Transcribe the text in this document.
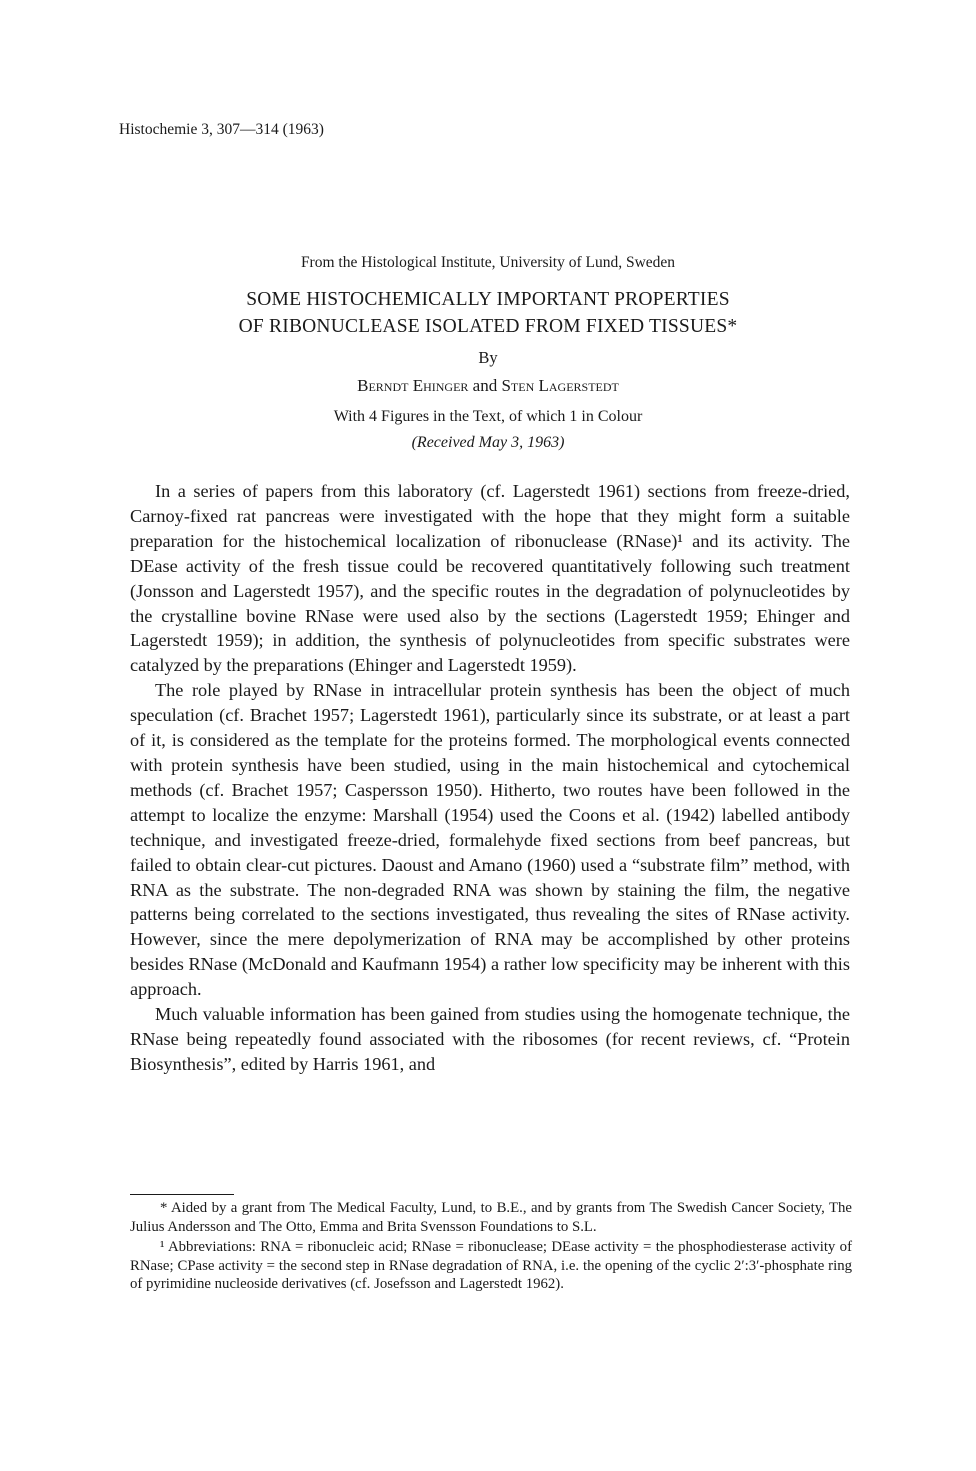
Histochemie 3, 307—314 (1963)

From the Histological Institute, University of Lund, Sweden
SOME HISTOCHEMICALLY IMPORTANT PROPERTIES
OF RIBONUCLEASE ISOLATED FROM FIXED TISSUES*
By
Berndt Ehinger and Sten Lagerstedt
With 4 Figures in the Text, of which 1 in Colour
(Received May 3, 1963)

In a series of papers from this laboratory (cf. Lagerstedt 1961) sections from freeze-dried, Carnoy-fixed rat pancreas were investigated with the hope that they might form a suitable preparation for the histochemical localization of ribonuclease (RNase)¹ and its activity. The DEase activity of the fresh tissue could be recovered quantitatively following such treatment (Jonsson and Lagerstedt 1957), and the specific routes in the degradation of polynucleotides by the crystalline bovine RNase were used also by the sections (Lagerstedt 1959; Ehinger and Lagerstedt 1959); in addition, the synthesis of polynucleotides from specific substrates were catalyzed by the preparations (Ehinger and Lagerstedt 1959).

The role played by RNase in intracellular protein synthesis has been the object of much speculation (cf. Brachet 1957; Lagerstedt 1961), particularly since its substrate, or at least a part of it, is considered as the template for the proteins formed. The morphological events connected with protein synthesis have been studied, using in the main histochemical and cytochemical methods (cf. Brachet 1957; Caspersson 1950). Hitherto, two routes have been followed in the attempt to localize the enzyme: Marshall (1954) used the Coons et al. (1942) labelled antibody technique, and investigated freeze-dried, formalehyde fixed sections from beef pancreas, but failed to obtain clear-cut pictures. Daoust and Amano (1960) used a “substrate film” method, with RNA as the substrate. The non-degraded RNA was shown by staining the film, the negative patterns being correlated to the sections investigated, thus revealing the sites of RNase activity. However, since the mere depolymerization of RNA may be accomplished by other proteins besides RNase (McDonald and Kaufmann 1954) a rather low specificity may be inherent with this approach.

Much valuable information has been gained from studies using the homogenate technique, the RNase being repeatedly found associated with the ribosomes (for recent reviews, cf. “Protein Biosynthesis”, edited by Harris 1961, and

* Aided by a grant from The Medical Faculty, Lund, to B.E., and by grants from The Swedish Cancer Society, The Julius Andersson and The Otto, Emma and Brita Svensson Foundations to S.L.

¹ Abbreviations: RNA = ribonucleic acid; RNase = ribonuclease; DEase activity = the phosphodiesterase activity of RNase; CPase activity = the second step in RNase degradation of RNA, i.e. the opening of the cyclic 2′:3′-phosphate ring of pyrimidine nucleoside derivatives (cf. Josefsson and Lagerstedt 1962).
